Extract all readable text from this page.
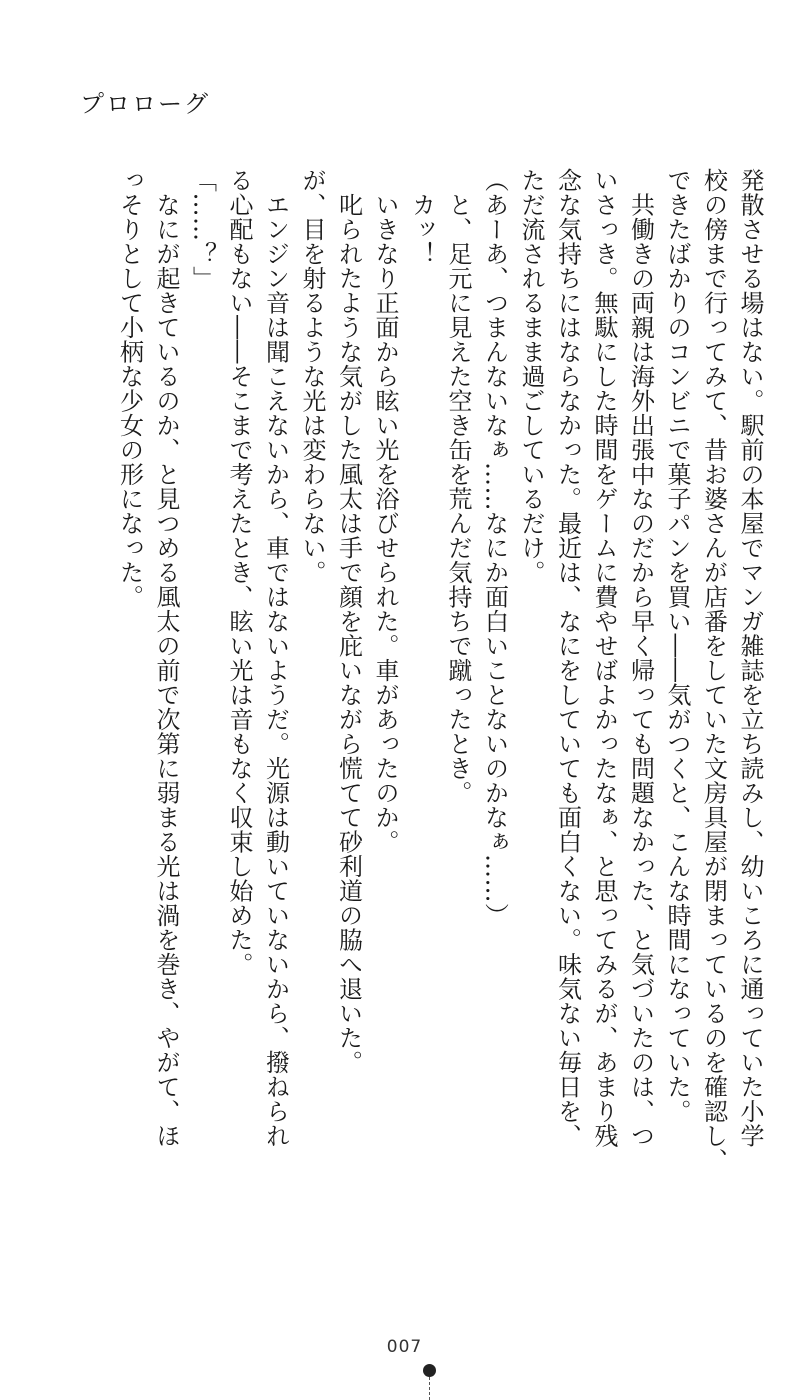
プロローグ
発散させる場はない。駅前の本屋でマンガ雑誌を立ち読みし、幼いころに通っていた小学
校の傍まで行ってみて、昔お婆さんが店番をしていた文房具屋が閉まっているのを確認し、
できたばかりのコンビニで菓子パンを買い――気がつくと、こんな時間になっていた。
　共働きの両親は海外出張中なのだから早く帰っても問題なかった、と気づいたのは、つ
いさっき。無駄にした時間をゲームに費やせばよかったなぁ、と思ってみるが、あまり残
念な気持ちにはならなかった。最近は、なにをしていても面白くない。味気ない毎日を、
ただ流されるまま過ごしているだけ。
（あーあ、つまんないなぁ……なにか面白いことないのかなぁ……）
　と、足元に見えた空き缶を荒んだ気持ちで蹴ったとき。
　カッ！
　いきなり正面から眩い光を浴びせられた。車があったのか。
　叱られたような気がした風太は手で顔を庇いながら慌てて砂利道の脇へ退いた。
が、目を射るような光は変わらない。
　エンジン音は聞こえないから、車ではないようだ。光源は動いていないから、撥ねられ
る心配もない――そこまで考えたとき、眩い光は音もなく収束し始めた。
「……？」
　なにが起きているのか、と見つめる風太の前で次第に弱まる光は渦を巻き、やがて、ほ
っそりとして小柄な少女の形になった。
007
